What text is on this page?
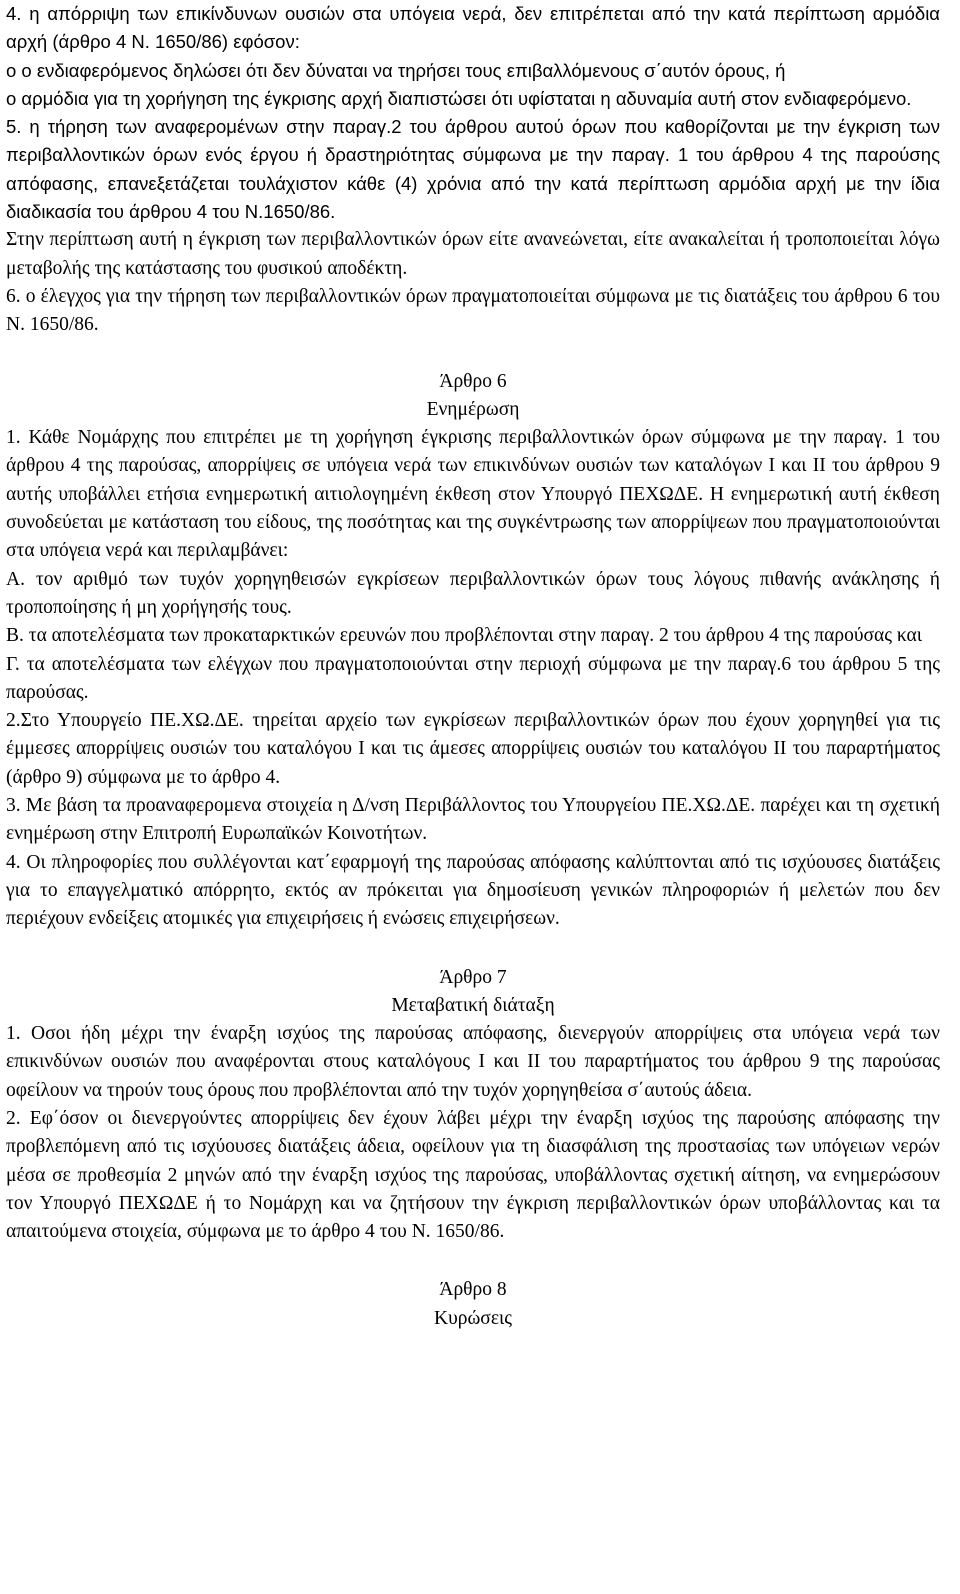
4. η απόρριψη των επικίνδυνων ουσιών στα υπόγεια νερά, δεν επιτρέπεται από την κατά περίπτωση αρμόδια αρχή (άρθρο 4 Ν. 1650/86) εφόσον:

ο ο ενδιαφερόμενος δηλώσει ότι δεν δύναται να τηρήσει τους επιβαλλόμενους σ΄αυτόν όρους, ή

ο αρμόδια για τη χορήγηση της έγκρισης αρχή διαπιστώσει ότι υφίσταται η αδυναμία αυτή στον ενδιαφερόμενο.

5. η τήρηση των αναφερομένων στην παραγ.2 του άρθρου αυτού όρων που καθορίζονται με την έγκριση των περιβαλλοντικών όρων ενός έργου ή δραστηριότητας σύμφωνα με την παραγ. 1 του άρθρου 4 της παρούσης απόφασης, επανεξετάζεται τουλάχιστον κάθε (4) χρόνια από την κατά περίπτωση αρμόδια αρχή με την ίδια διαδικασία του άρθρου 4 του Ν.1650/86.

Στην περίπτωση αυτή η έγκριση των περιβαλλοντικών όρων είτε ανανεώνεται, είτε ανακαλείται ή τροποποιείται λόγω μεταβολής της κατάστασης του φυσικού αποδέκτη.

6. ο έλεγχος για την τήρηση των περιβαλλοντικών όρων πραγματοποιείται σύμφωνα με τις διατάξεις του άρθρου 6 του Ν. 1650/86.

Άρθρο 6

Ενημέρωση

1. Κάθε Νομάρχης που επιτρέπει με τη χορήγηση έγκρισης περιβαλλοντικών όρων σύμφωνα με την παραγ. 1 του άρθρου 4 της παρούσας, απορρίψεις σε υπόγεια νερά των επικινδύνων ουσιών των καταλόγων Ι και ΙΙ του άρθρου 9 αυτής υποβάλλει ετήσια ενημερωτική αιτιολογημένη έκθεση στον Υπουργό ΠΕΧΩΔΕ. Η ενημερωτική αυτή έκθεση συνοδεύεται με κατάσταση του είδους, της ποσότητας και της συγκέντρωσης των απορρίψεων που πραγματοποιούνται στα υπόγεια νερά και περιλαμβάνει:

Α. τον αριθμό των τυχόν χορηγηθεισών εγκρίσεων περιβαλλοντικών όρων τους λόγους πιθανής ανάκλησης ή τροποποίησης ή μη χορήγησής τους.

Β. τα αποτελέσματα των προκαταρκτικών ερευνών που προβλέπονται στην παραγ. 2 του άρθρου 4 της παρούσας και

Γ. τα αποτελέσματα των ελέγχων που πραγματοποιούνται στην περιοχή σύμφωνα με την παραγ.6 του άρθρου 5 της παρούσας.

2.Στο Υπουργείο ΠΕ.ΧΩ.ΔΕ. τηρείται αρχείο των εγκρίσεων περιβαλλοντικών όρων που έχουν χορηγηθεί για τις έμμεσες απορρίψεις ουσιών του καταλόγου Ι και τις άμεσες απορρίψεις ουσιών του καταλόγου ΙΙ του παραρτήματος (άρθρο 9) σύμφωνα με το άρθρο 4.

3. Με βάση τα προαναφερομενα στοιχεία η Δ/νση Περιβάλλοντος του Υπουργείου ΠΕ.ΧΩ.ΔΕ. παρέχει και τη σχετική ενημέρωση στην Επιτροπή Ευρωπαϊκών Κοινοτήτων.

4. Οι πληροφορίες που συλλέγονται κατ΄εφαρμογή της παρούσας απόφασης καλύπτονται από τις ισχύουσες διατάξεις για το επαγγελματικό απόρρητο, εκτός αν πρόκειται για δημοσίευση γενικών πληροφοριών ή μελετών που δεν περιέχουν ενδείξεις ατομικές για επιχειρήσεις ή ενώσεις επιχειρήσεων.

Άρθρο 7

Μεταβατική διάταξη

1. Οσοι ήδη μέχρι την έναρξη ισχύος της παρούσας απόφασης, διενεργούν απορρίψεις στα υπόγεια νερά των επικινδύνων ουσιών που αναφέρονται στους καταλόγους Ι και ΙΙ του παραρτήματος του άρθρου 9 της παρούσας οφείλουν να τηρούν τους όρους που προβλέπονται από την τυχόν χορηγηθείσα σ΄αυτούς άδεια.

2. Εφ΄όσον οι διενεργούντες απορρίψεις δεν έχουν λάβει μέχρι την έναρξη ισχύος της παρούσης απόφασης την προβλεπόμενη από τις ισχύουσες διατάξεις άδεια, οφείλουν για τη διασφάλιση της προστασίας των υπόγειων νερών μέσα σε προθεσμία 2 μηνών από την έναρξη ισχύος της παρούσας, υποβάλλοντας σχετική αίτηση, να ενημερώσουν τον Υπουργό ΠΕΧΩΔΕ ή το Νομάρχη και να ζητήσουν την έγκριση περιβαλλοντικών όρων υποβάλλοντας και τα απαιτούμενα στοιχεία, σύμφωνα με το άρθρο 4 του Ν. 1650/86.

Άρθρο 8

Κυρώσεις
